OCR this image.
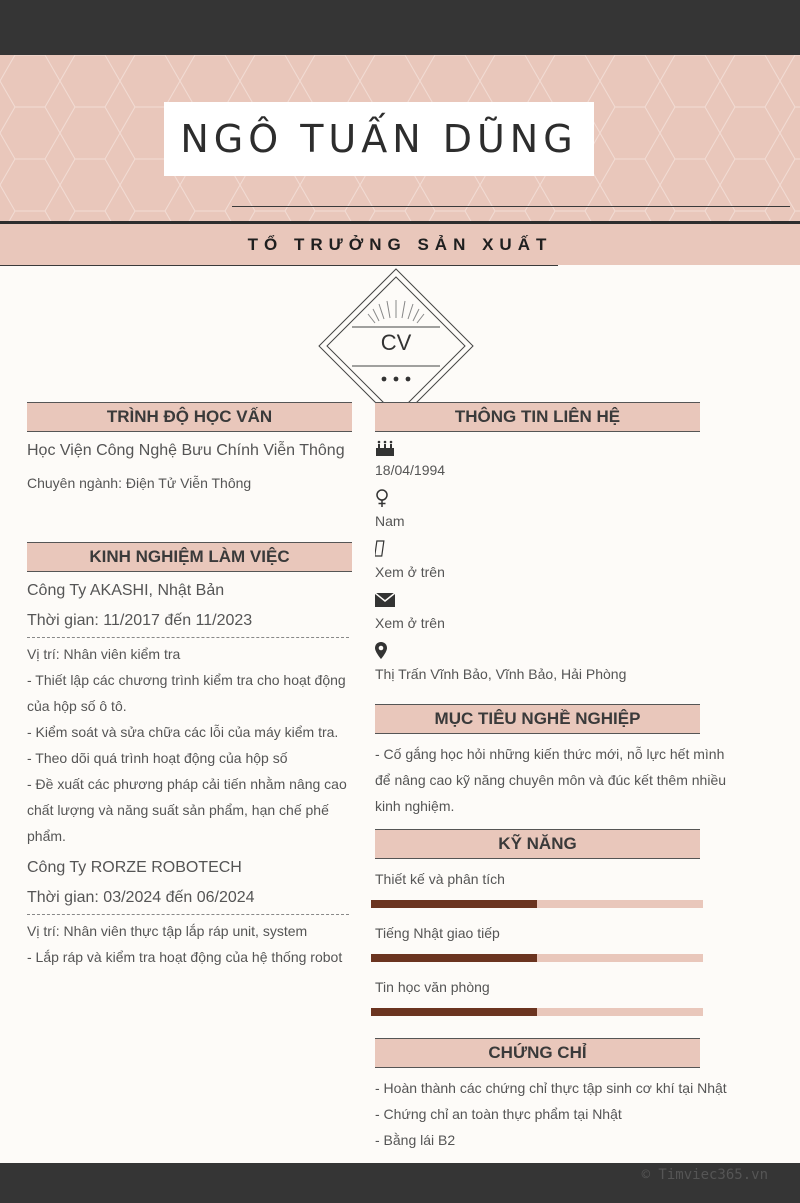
NGÔ TUẤN DŨNG
TỔ TRƯỞNG SẢN XUẤT
CV
TRÌNH ĐỘ HỌC VẤN
Học Viện Công Nghệ Bưu Chính Viễn Thông
Chuyên ngành: Điện Tử Viễn Thông
KINH NGHIỆM LÀM VIỆC
Công Ty AKASHI, Nhật Bản
Thời gian: 11/2017 đến 11/2023
Vị trí: Nhân viên kiểm tra
- Thiết lập các chương trình kiểm tra cho hoạt động của hộp số ô tô.
- Kiểm soát và sửa chữa các lỗi của máy kiểm tra.
- Theo dõi quá trình hoạt động của hộp số
- Đề xuất các phương pháp cải tiến nhằm nâng cao chất lượng và năng suất sản phẩm, hạn chế phế phẩm.
Công Ty RORZE ROBOTECH
Thời gian: 03/2024 đến 06/2024
Vị trí: Nhân viên thực tập lắp ráp unit, system
- Lắp ráp và kiểm tra hoạt động của hệ thống robot
THÔNG TIN LIÊN HỆ
18/04/1994
Nam
Xem ở trên
Xem ở trên
Thị Trấn Vĩnh Bảo, Vĩnh Bảo, Hải Phòng
MỤC TIÊU NGHỀ NGHIỆP
- Cố gắng học hỏi những kiến thức mới, nỗ lực hết mình để nâng cao kỹ năng chuyên môn và đúc kết thêm nhiều kinh nghiệm.
KỸ NĂNG
Thiết kế và phân tích
Tiếng Nhật giao tiếp
Tin học văn phòng
CHỨNG CHỈ
- Hoàn thành các chứng chỉ thực tập sinh cơ khí tại Nhật
- Chứng chỉ an toàn thực phẩm tại Nhật
- Bằng lái B2
© Timviec365.vn
